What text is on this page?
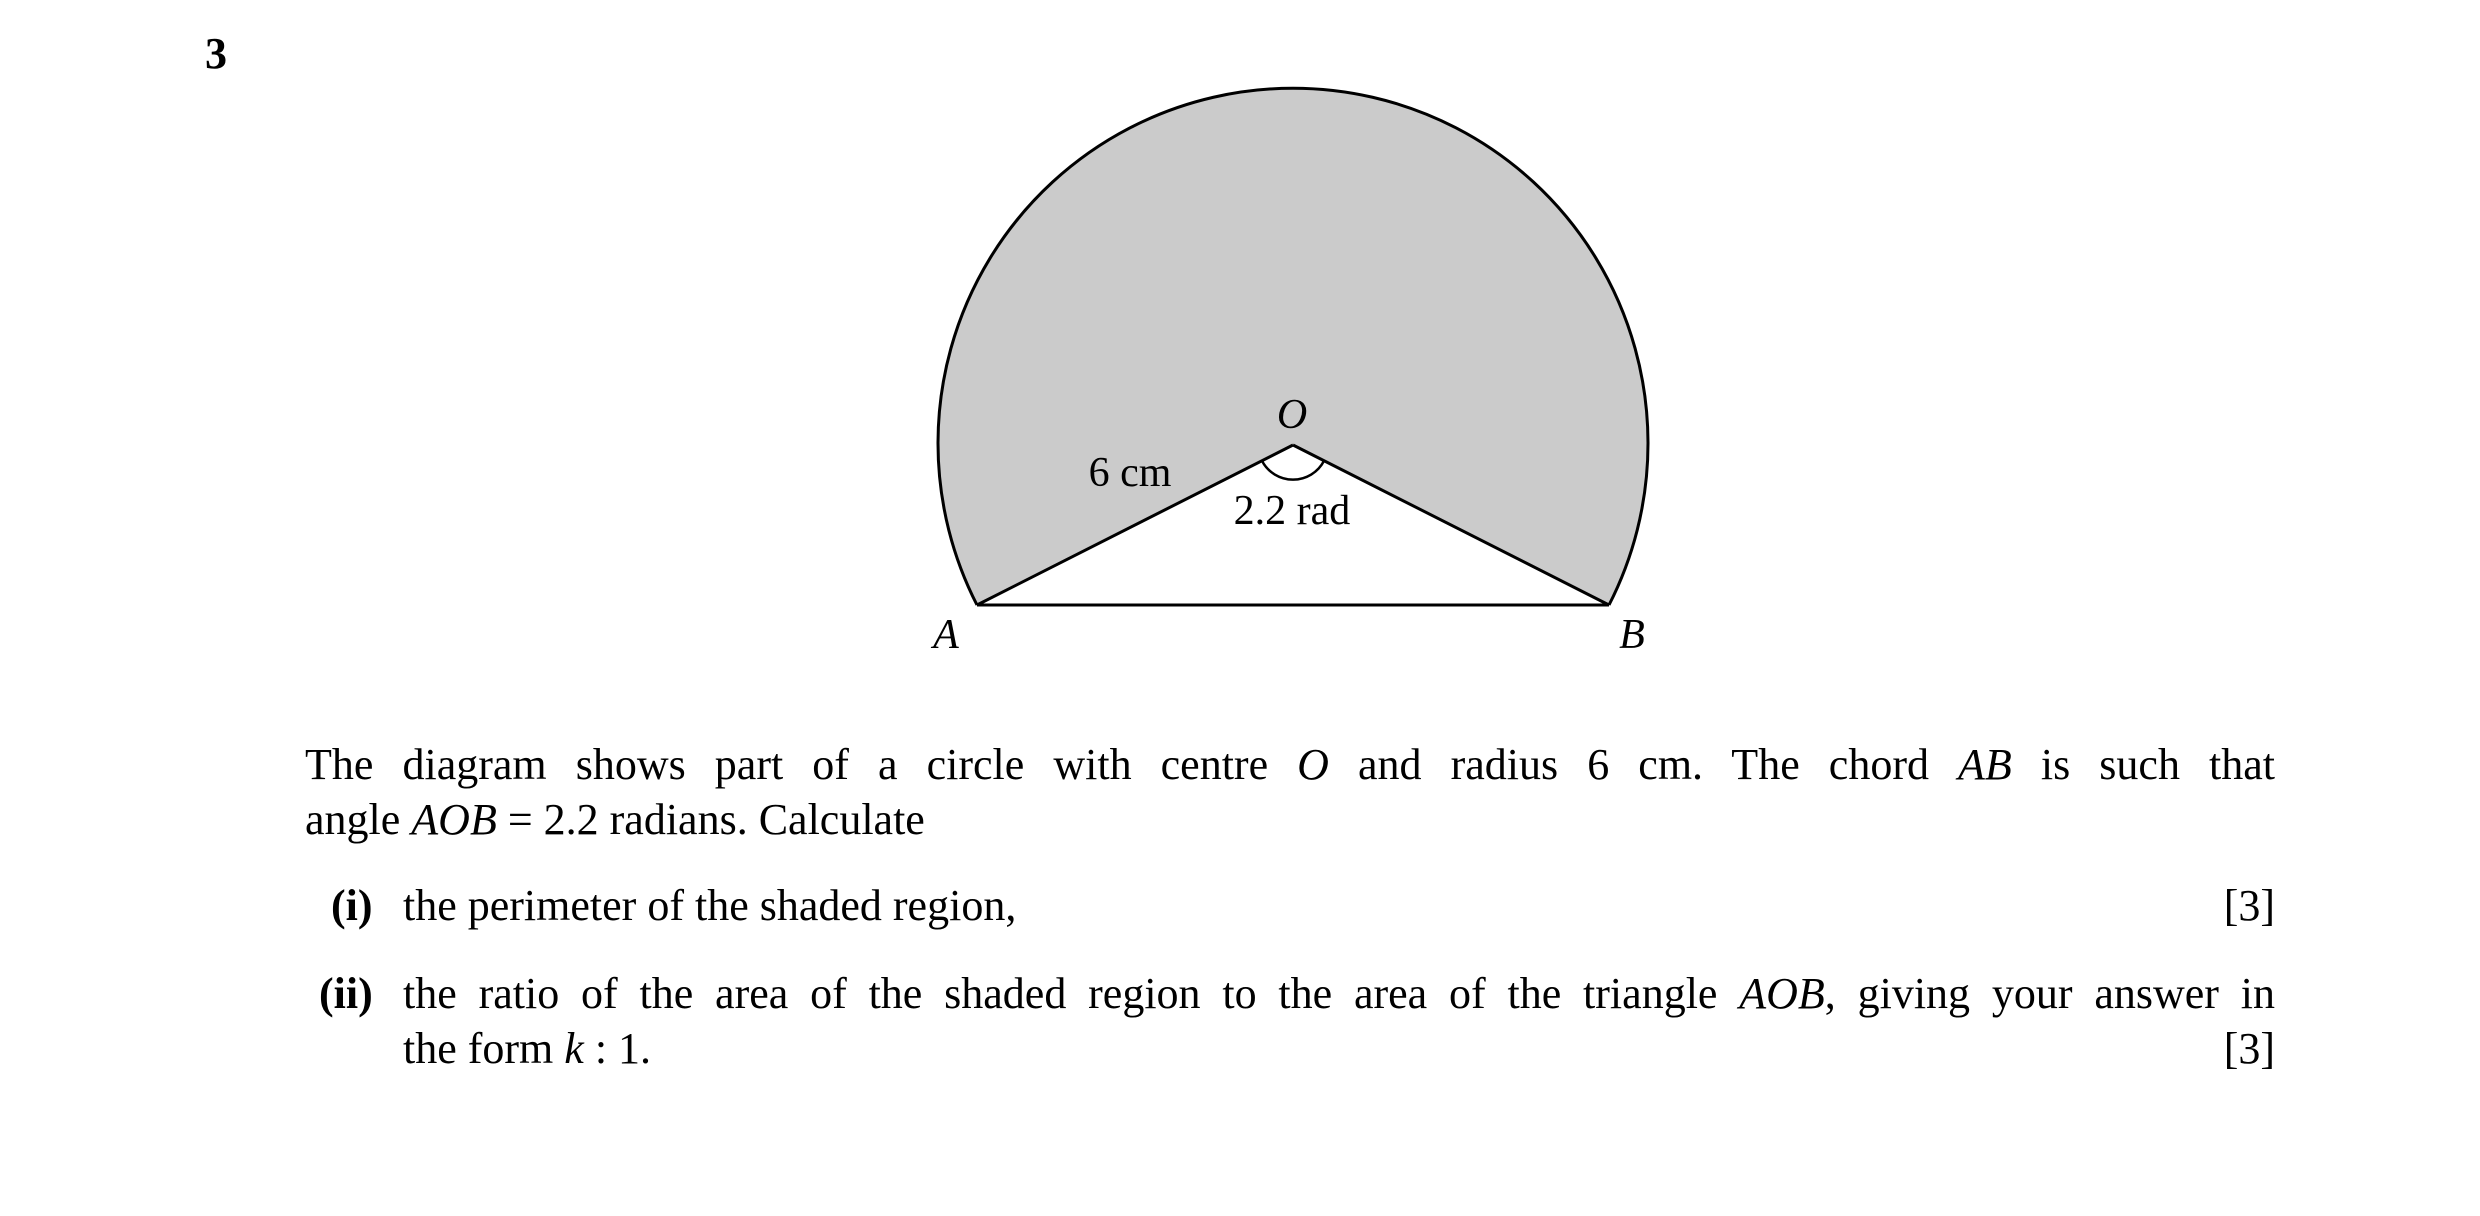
3
O
6 cm
2.2 rad
A	B
The diagram shows part of a circle with centre O and radius 6 cm. The chord AB is such that
angle AOB = 2.2 radians. Calculate
(i) the perimeter of the shaded region,	[3]
(ii) the ratio of the area of the shaded region to the area of the triangle AOB, giving your answer in
the form k : 1.	[3]
